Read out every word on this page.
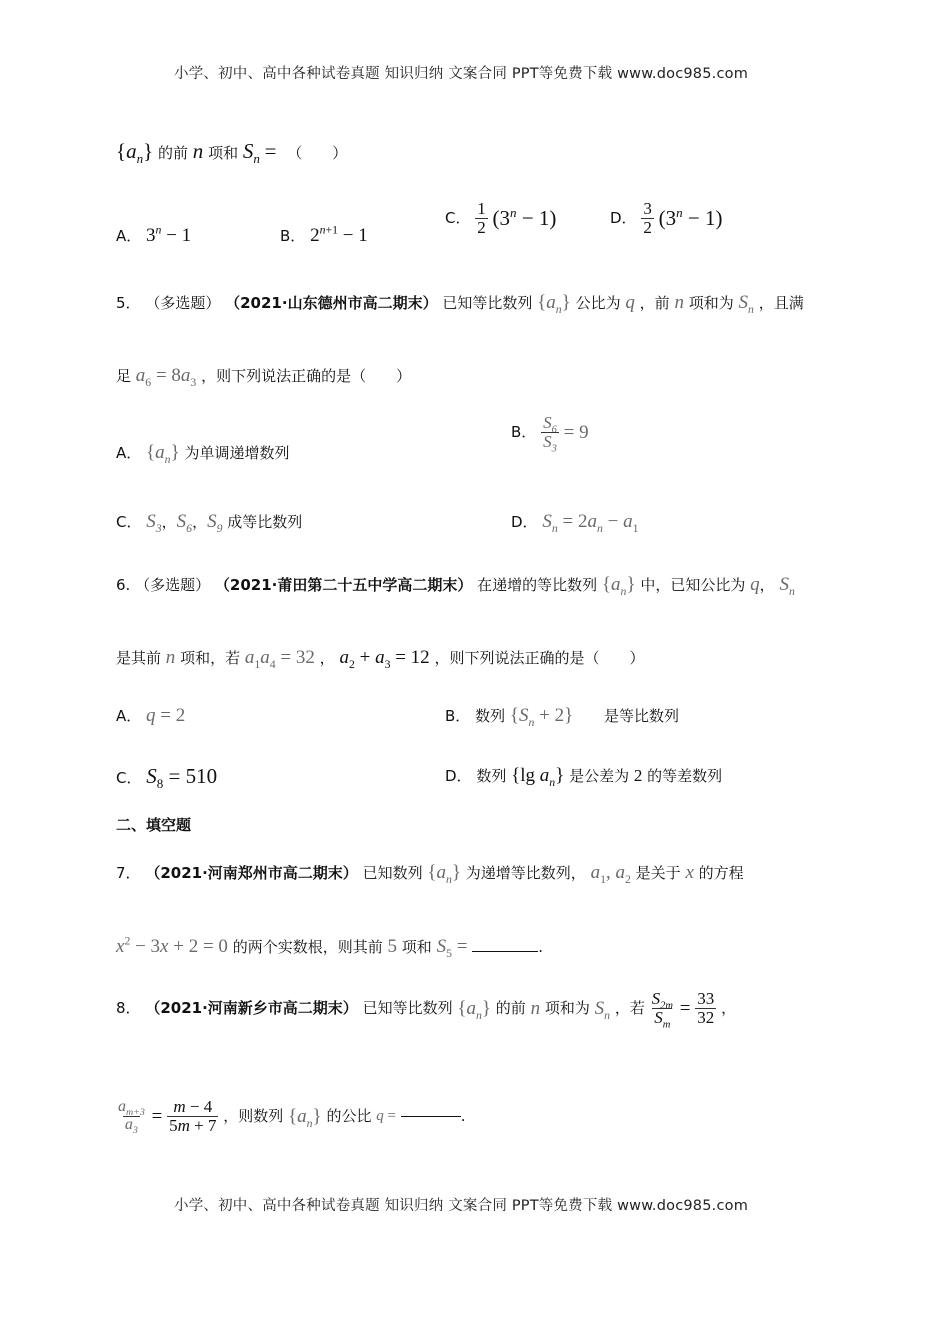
小学、初中、高中各种试卷真题 知识归纳 文案合同 PPT等免费下载 www.doc985.com
$\{a_n\}$ 的前 n 项和 $S_n$ = （　　）
A． $3^n - 1$	B． $2^{n+1} - 1$
C． $\frac{1}{2} (3^n - 1)$	D． $\frac{3}{2} (3^n - 1)$
5． （多选题） （2021·山东德州市高二期末） 已知等比数列 $\{a_n\}$ 公比为 q ，前 n 项和为 $S_n$ ，且满
足 $a_6 = 8a_3$ ，则下列说法正确的是（　　）
A． $\{a_n\}$ 为单调递增数列
B． $\frac{S_6}{S_3} = 9$
C． $S_3$，$S_6$，$S_9$ 成等比数列	D． $S_n = 2a_n - a_1$
6. （多选题） （2021·莆田第二十五中学高二期末） 在递增的等比数列 $\{a_n\}$ 中，已知公比为 q， $S_n$
是其前 n 项和，若 $a_1a_4 = 32$ ， $a_2 + a_3 = 12$ ，则下列说法正确的是（　　）
A． q = 2	B． 数列 $\{S_n + 2\}$ 是等比数列
C． $S_8 = 510$	D． 数列 {lg $a_n$} 是公差为 2 的等差数列
二、填空题
7． （2021·河南郑州市高二期末） 已知数列 $\{a_n\}$ 为递增等比数列， $a_1$, $a_2$ 是关于 x 的方程
$x^2 - 3x + 2 = 0$ 的两个实数根，则其前 5 项和 $S_5$ =	.
8． （2021·河南新乡市高二期末） 已知等比数列 $\{a_n\}$ 的前 n 项和为 $S_n$ ，若 $\frac{S_{2m}}{S_m} = \frac{33}{32}$ ，
$\frac{a_{m+3}}{a_3} = \frac{m - 4}{5m + 7}$ ，则数列 $\{a_n\}$ 的公比 q =	.
小学、初中、高中各种试卷真题 知识归纳 文案合同 PPT等免费下载 www.doc985.com
